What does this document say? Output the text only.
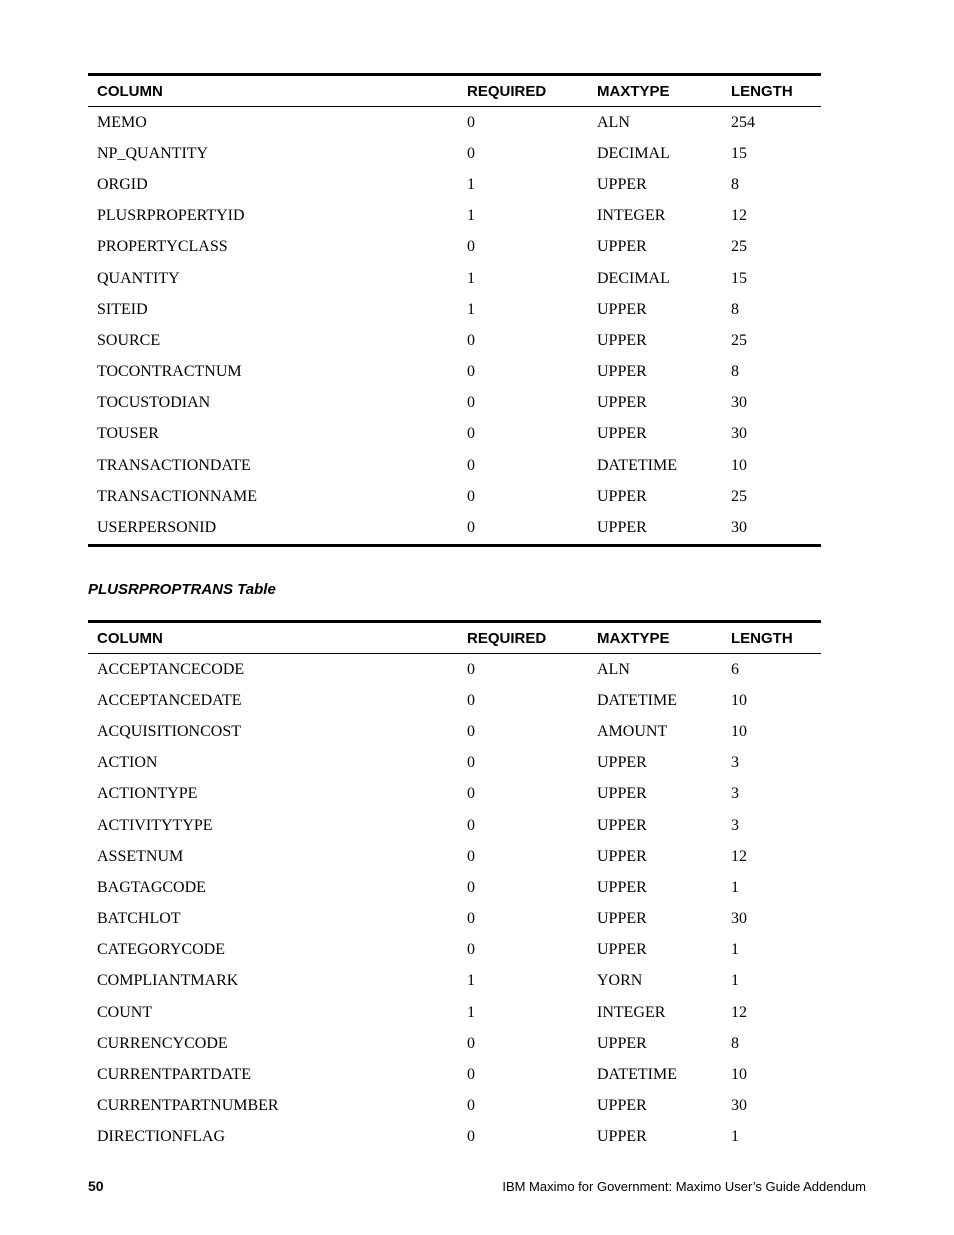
COLUMN	REQUIRED	MAXTYPE	LENGTH
MEMO	0	ALN	254
NP_QUANTITY	0	DECIMAL	15
ORGID	1	UPPER	8
PLUSRPROPERTYID	1	INTEGER	12
PROPERTYCLASS	0	UPPER	25
QUANTITY	1	DECIMAL	15
SITEID	1	UPPER	8
SOURCE	0	UPPER	25
TOCONTRACTNUM	0	UPPER	8
TOCUSTODIAN	0	UPPER	30
TOUSER	0	UPPER	30
TRANSACTIONDATE	0	DATETIME	10
TRANSACTIONNAME	0	UPPER	25
USERPERSONID	0	UPPER	30
PLUSRPROPTRANS Table
COLUMN	REQUIRED	MAXTYPE	LENGTH
ACCEPTANCECODE	0	ALN	6
ACCEPTANCEDATE	0	DATETIME	10
ACQUISITIONCOST	0	AMOUNT	10
ACTION	0	UPPER	3
ACTIONTYPE	0	UPPER	3
ACTIVITYTYPE	0	UPPER	3
ASSETNUM	0	UPPER	12
BAGTAGCODE	0	UPPER	1
BATCHLOT	0	UPPER	30
CATEGORYCODE	0	UPPER	1
COMPLIANTMARK	1	YORN	1
COUNT	1	INTEGER	12
CURRENCYCODE	0	UPPER	8
CURRENTPARTDATE	0	DATETIME	10
CURRENTPARTNUMBER	0	UPPER	30
DIRECTIONFLAG	0	UPPER	1
50	IBM Maximo for Government: Maximo User’s Guide Addendum
